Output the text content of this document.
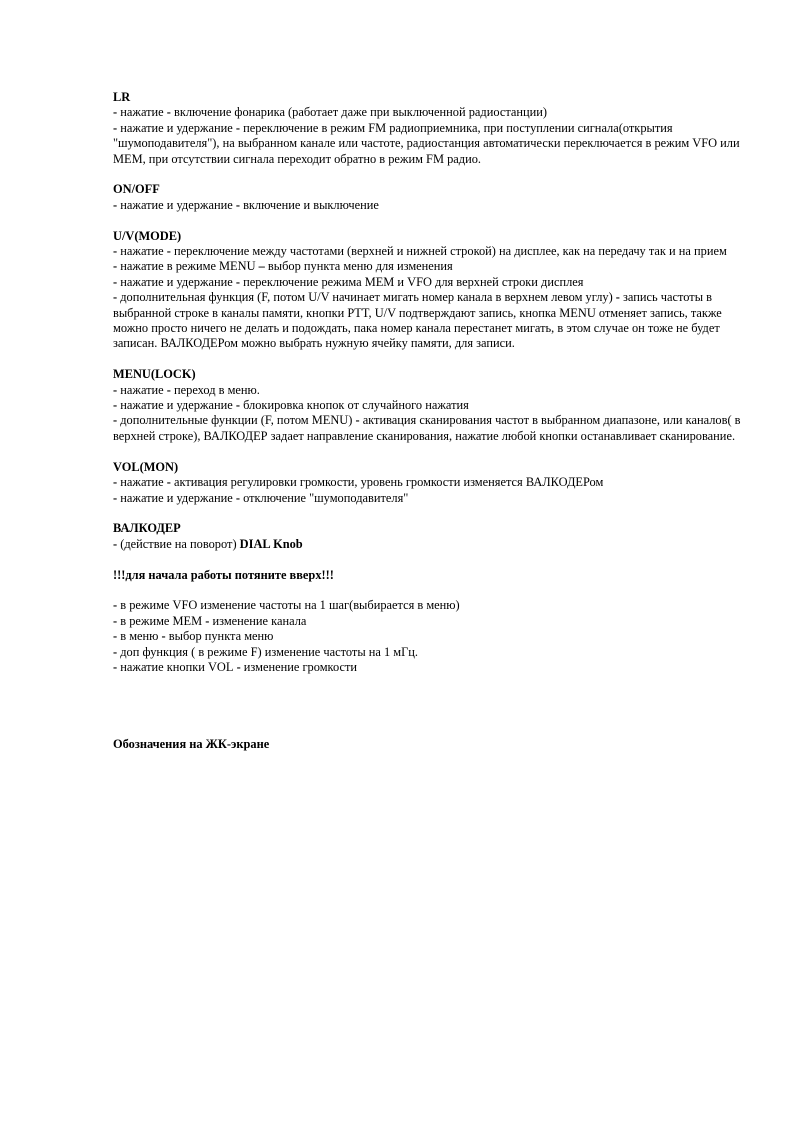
LR

- нажатие - включение фонарика (работает даже при выключенной радиостанции)

- нажатие и удержание - переключение в режим FM радиоприемника, при поступлении сигнала(открытия "шумоподавителя"), на выбранном канале или частоте, радиостанция автоматически переключается в режим VFO или MEM, при отсутствии сигнала переходит обратно в режим FM радио.

ON/OFF

- нажатие и удержание - включение и выключение

U/V(MODE)

- нажатие - переключение между частотами (верхней и нижней строкой) на дисплее, как на передачу так и на прием

- нажатие в режиме MENU – выбор пункта меню для изменения

- нажатие и удержание - переключение режима MEM и VFO для верхней строки дисплея

- дополнительная функция (F, потом U/V начинает мигать номер канала в верхнем левом углу) - запись частоты в выбранной строке в каналы памяти, кнопки PTT, U/V подтверждают запись, кнопка MENU отменяет запись, также можно просто ничего не делать и подождать, пака номер канала перестанет мигать, в этом случае он тоже не будет записан. ВАЛКОДЕРом можно выбрать нужную ячейку памяти, для записи.

MENU(LOCK)

- нажатие - переход в меню.

- нажатие и удержание - блокировка кнопок от случайного нажатия

- дополнительные функции (F, потом MENU) - активация сканирования частот в выбранном диапазоне, или каналов( в верхней строке), ВАЛКОДЕР задает направление сканирования, нажатие любой кнопки останавливает сканирование.

VOL(MON)

- нажатие - активация регулировки громкости, уровень громкости изменяется ВАЛКОДЕРом

- нажатие и удержание - отключение "шумоподавителя"

ВАЛКОДЕР

- (действие на поворот) DIAL Knob

!!!для начала работы потяните вверх!!!

- в режиме VFO изменение частоты на 1 шаг(выбирается в меню)

- в режиме MEM - изменение канала

- в меню - выбор пункта меню

- доп функция ( в режиме F) изменение частоты на 1 мГц.

- нажатие кнопки VOL - изменение громкости

Обозначения на ЖК-экране
